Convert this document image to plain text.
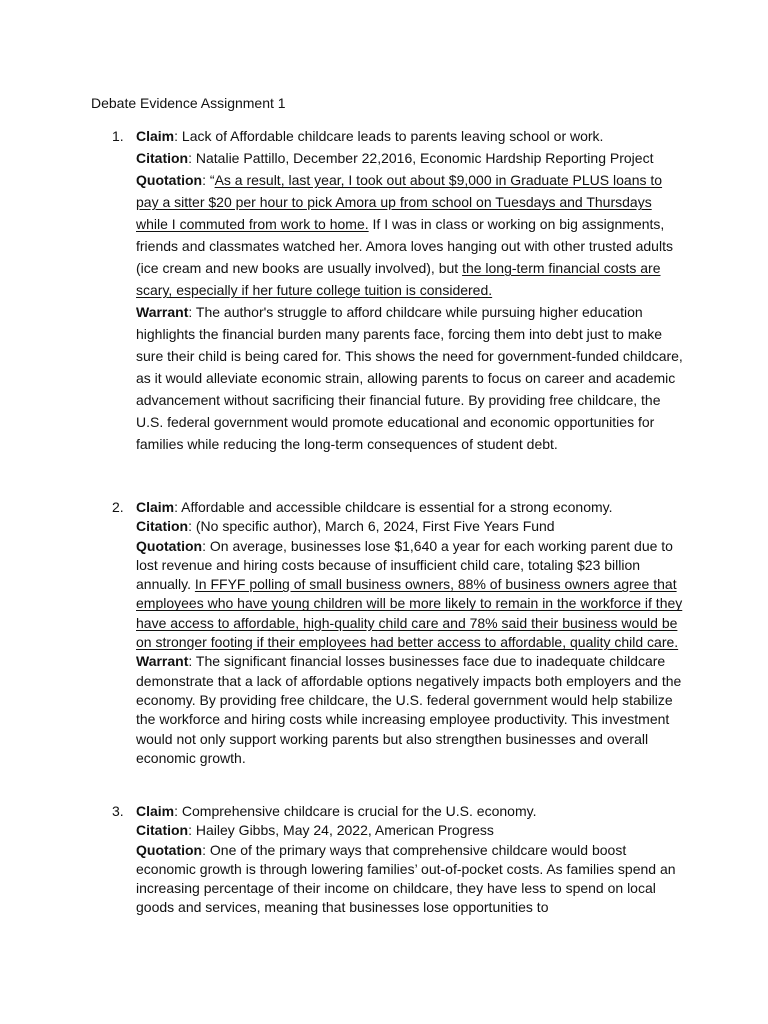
Debate Evidence Assignment 1
1. Claim: Lack of Affordable childcare leads to parents leaving school or work.
Citation: Natalie Pattillo, December 22,2016, Economic Hardship Reporting Project
Quotation: “As a result, last year, I took out about $9,000 in Graduate PLUS loans to pay a sitter $20 per hour to pick Amora up from school on Tuesdays and Thursdays while I commuted from work to home. If I was in class or working on big assignments, friends and classmates watched her. Amora loves hanging out with other trusted adults (ice cream and new books are usually involved), but the long-term financial costs are scary, especially if her future college tuition is considered.
Warrant: The author's struggle to afford childcare while pursuing higher education highlights the financial burden many parents face, forcing them into debt just to make sure their child is being cared for. This shows the need for government-funded childcare, as it would alleviate economic strain, allowing parents to focus on career and academic advancement without sacrificing their financial future. By providing free childcare, the U.S. federal government would promote educational and economic opportunities for families while reducing the long-term consequences of student debt.
2. Claim: Affordable and accessible childcare is essential for a strong economy.
Citation: (No specific author), March 6, 2024, First Five Years Fund
Quotation: On average, businesses lose $1,640 a year for each working parent due to lost revenue and hiring costs because of insufficient child care, totaling $23 billion annually. In FFYF polling of small business owners, 88% of business owners agree that employees who have young children will be more likely to remain in the workforce if they have access to affordable, high-quality child care and 78% said their business would be on stronger footing if their employees had better access to affordable, quality child care.
Warrant: The significant financial losses businesses face due to inadequate childcare demonstrate that a lack of affordable options negatively impacts both employers and the economy. By providing free childcare, the U.S. federal government would help stabilize the workforce and hiring costs while increasing employee productivity. This investment would not only support working parents but also strengthen businesses and overall economic growth.
3. Claim: Comprehensive childcare is crucial for the U.S. economy.
Citation: Hailey Gibbs, May 24, 2022, American Progress
Quotation: One of the primary ways that comprehensive childcare would boost economic growth is through lowering families’ out-of-pocket costs. As families spend an increasing percentage of their income on childcare, they have less to spend on local goods and services, meaning that businesses lose opportunities to
